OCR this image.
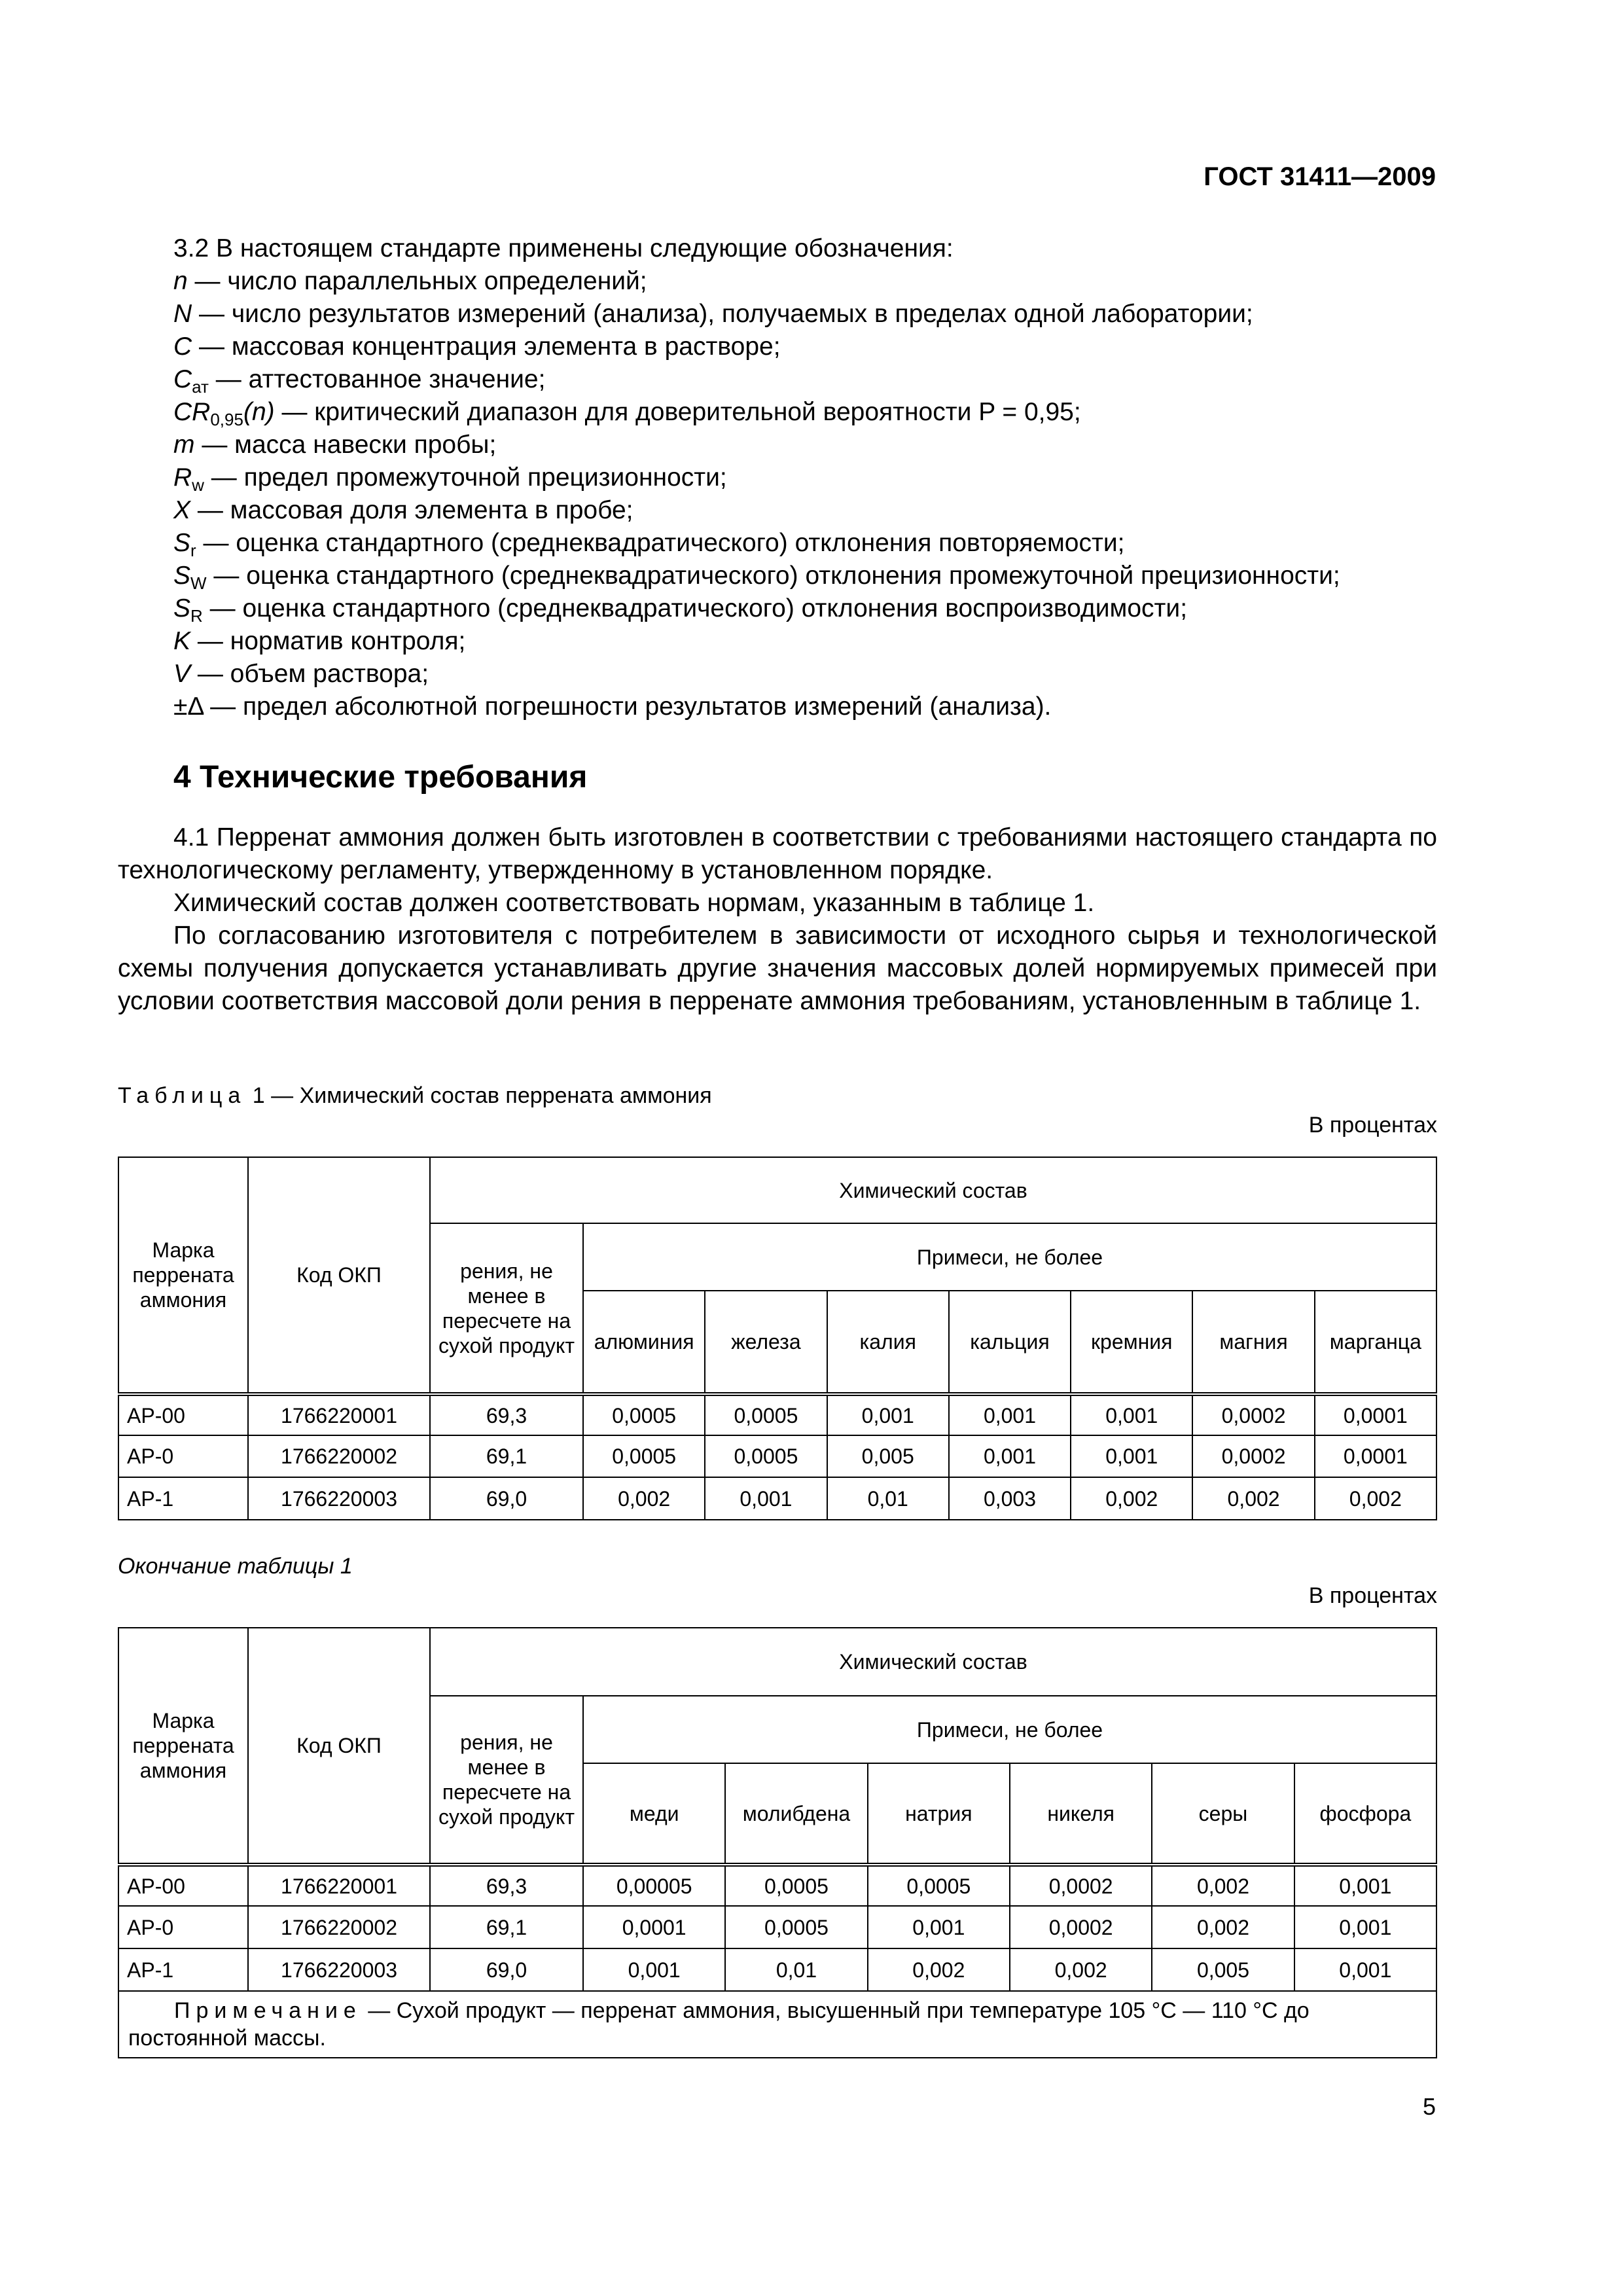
ГОСТ 31411—2009
3.2 В настоящем стандарте применены следующие обозначения:
n — число параллельных определений;
N — число результатов измерений (анализа), получаемых в пределах одной лаборатории;
C — массовая концентрация элемента в растворе;
$C_{ат}$ — аттестованное значение;
$CR_{0,95}(n)$ — критический диапазон для доверительной вероятности P = 0,95;
m — масса навески пробы;
$R_w$ — предел промежуточной прецизионности;
X — массовая доля элемента в пробе;
$S_r$ — оценка стандартного (среднеквадратического) отклонения повторяемости;
$S_W$ — оценка стандартного (среднеквадратического) отклонения промежуточной прецизионности;
$S_R$ — оценка стандартного (среднеквадратического) отклонения воспроизводимости;
K — норматив контроля;
V — объем раствора;
±Δ — предел абсолютной погрешности результатов измерений (анализа).
4 Технические требования

4.1 Перренат аммония должен быть изготовлен в соответствии с требованиями настоящего стандарта по технологическому регламенту, утвержденному в установленном порядке.

Химический состав должен соответствовать нормам, указанным в таблице 1.

По согласованию изготовителя с потребителем в зависимости от исходного сырья и технологической схемы получения допускается устанавливать другие значения массовых долей нормируемых примесей при условии соответствия массовой доли рения в перренате аммония требованиям, установленным в таблице 1.

Таблица 1 — Химический состав перрената аммония
В процентах
Марка перрената аммония	Код ОКП	Химический состав							
		рения, не менее в пересчете на сухой продукт	Примеси, не более						
			алюминия	железа	калия	кальция	кремния	магния	марганца
АР-00	1766220001	69,3	0,0005	0,0005	0,001	0,001	0,001	0,0002	0,0001
АР-0	1766220002	69,1	0,0005	0,0005	0,005	0,001	0,001	0,0002	0,0001
АР-1	1766220003	69,0	0,002	0,001	0,01	0,003	0,002	0,002	0,002
Окончание таблицы 1
В процентах
Марка перрената аммония	Код ОКП	Химический состав						
		рения, не менее в пересчете на сухой продукт	Примеси, не более					
			меди	молибдена	натрия	никеля	серы	фосфора
АР-00	1766220001	69,3	0,00005	0,0005	0,0005	0,0002	0,002	0,001
АР-0	1766220002	69,1	0,0001	0,0005	0,001	0,0002	0,002	0,001
АР-1	1766220003	69,0	0,001	0,01	0,002	0,002	0,005	0,001
Примечание — Сухой продукт — перренат аммония, высушенный при температуре 105 °С — 110 °С до постоянной массы.								
5
